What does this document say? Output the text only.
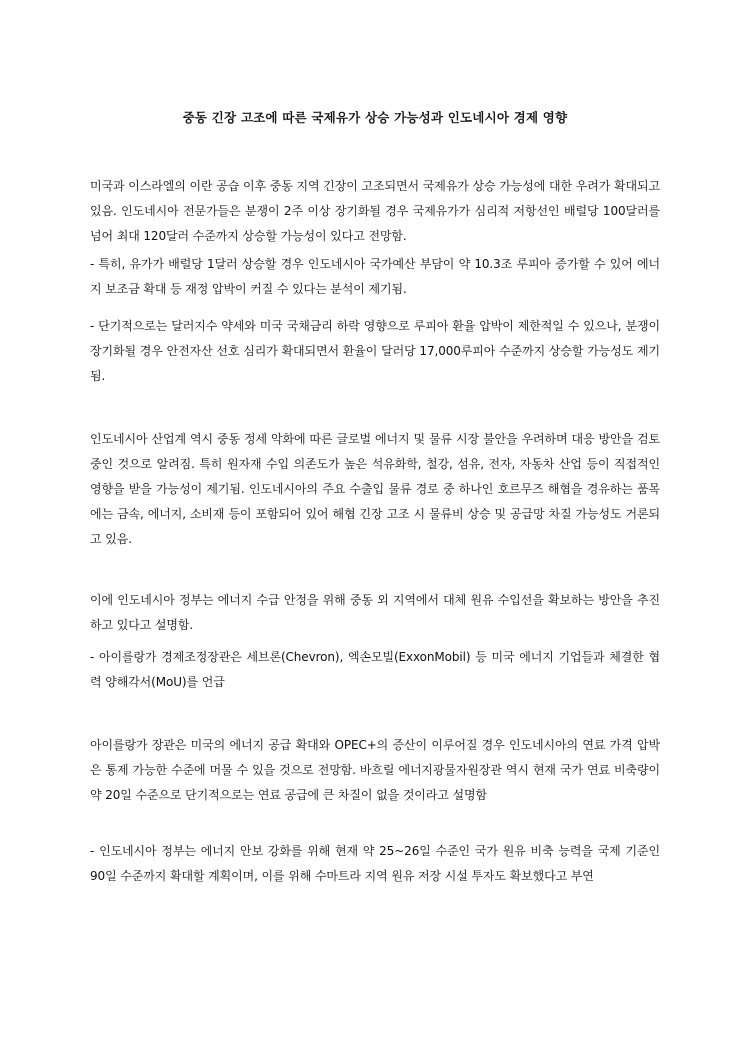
중동 긴장 고조에 따른 국제유가 상승 가능성과 인도네시아 경제 영향

미국과 이스라엘의 이란 공습 이후 중동 지역 긴장이 고조되면서 국제유가 상승 가능성에 대한 우려가 확대되고 있음. 인도네시아 전문가들은 분쟁이 2주 이상 장기화될 경우 국제유가가 심리적 저항선인 배럴당 100달러를 넘어 최대 120달러 수준까지 상승할 가능성이 있다고 전망함.

- 특히, 유가가 배럴당 1달러 상승할 경우 인도네시아 국가예산 부담이 약 10.3조 루피아 증가할 수 있어 에너지 보조금 확대 등 재정 압박이 커질 수 있다는 분석이 제기됨.

- 단기적으로는 달러지수 약세와 미국 국채금리 하락 영향으로 루피아 환율 압박이 제한적일 수 있으나, 분쟁이 장기화될 경우 안전자산 선호 심리가 확대되면서 환율이 달러당 17,000루피아 수준까지 상승할 가능성도 제기됨.

인도네시아 산업계 역시 중동 정세 악화에 따른 글로벌 에너지 및 물류 시장 불안을 우려하며 대응 방안을 검토 중인 것으로 알려짐. 특히 원자재 수입 의존도가 높은 석유화학, 철강, 섬유, 전자, 자동차 산업 등이 직접적인 영향을 받을 가능성이 제기됨. 인도네시아의 주요 수출입 물류 경로 중 하나인 호르무즈 해협을 경유하는 품목에는 금속, 에너지, 소비재 등이 포함되어 있어 해협 긴장 고조 시 물류비 상승 및 공급망 차질 가능성도 거론되고 있음.

이에 인도네시아 정부는 에너지 수급 안정을 위해 중동 외 지역에서 대체 원유 수입선을 확보하는 방안을 추진하고 있다고 설명함.

- 아이를랑가 경제조정장관은 세브론(Chevron), 엑손모빌(ExxonMobil) 등 미국 에너지 기업들과 체결한 협력 양해각서(MoU)를 언급

아이를랑가 장관은 미국의 에너지 공급 확대와 OPEC+의 증산이 이루어질 경우 인도네시아의 연료 가격 압박은 통제 가능한 수준에 머물 수 있을 것으로 전망함. 바흐릴 에너지광물자원장관 역시 현재 국가 연료 비축량이 약 20일 수준으로 단기적으로는 연료 공급에 큰 차질이 없을 것이라고 설명함

- 인도네시아 정부는 에너지 안보 강화를 위해 현재 약 25~26일 수준인 국가 원유 비축 능력을 국제 기준인 90일 수준까지 확대할 계획이며, 이를 위해 수마트라 지역 원유 저장 시설 투자도 확보했다고 부연
